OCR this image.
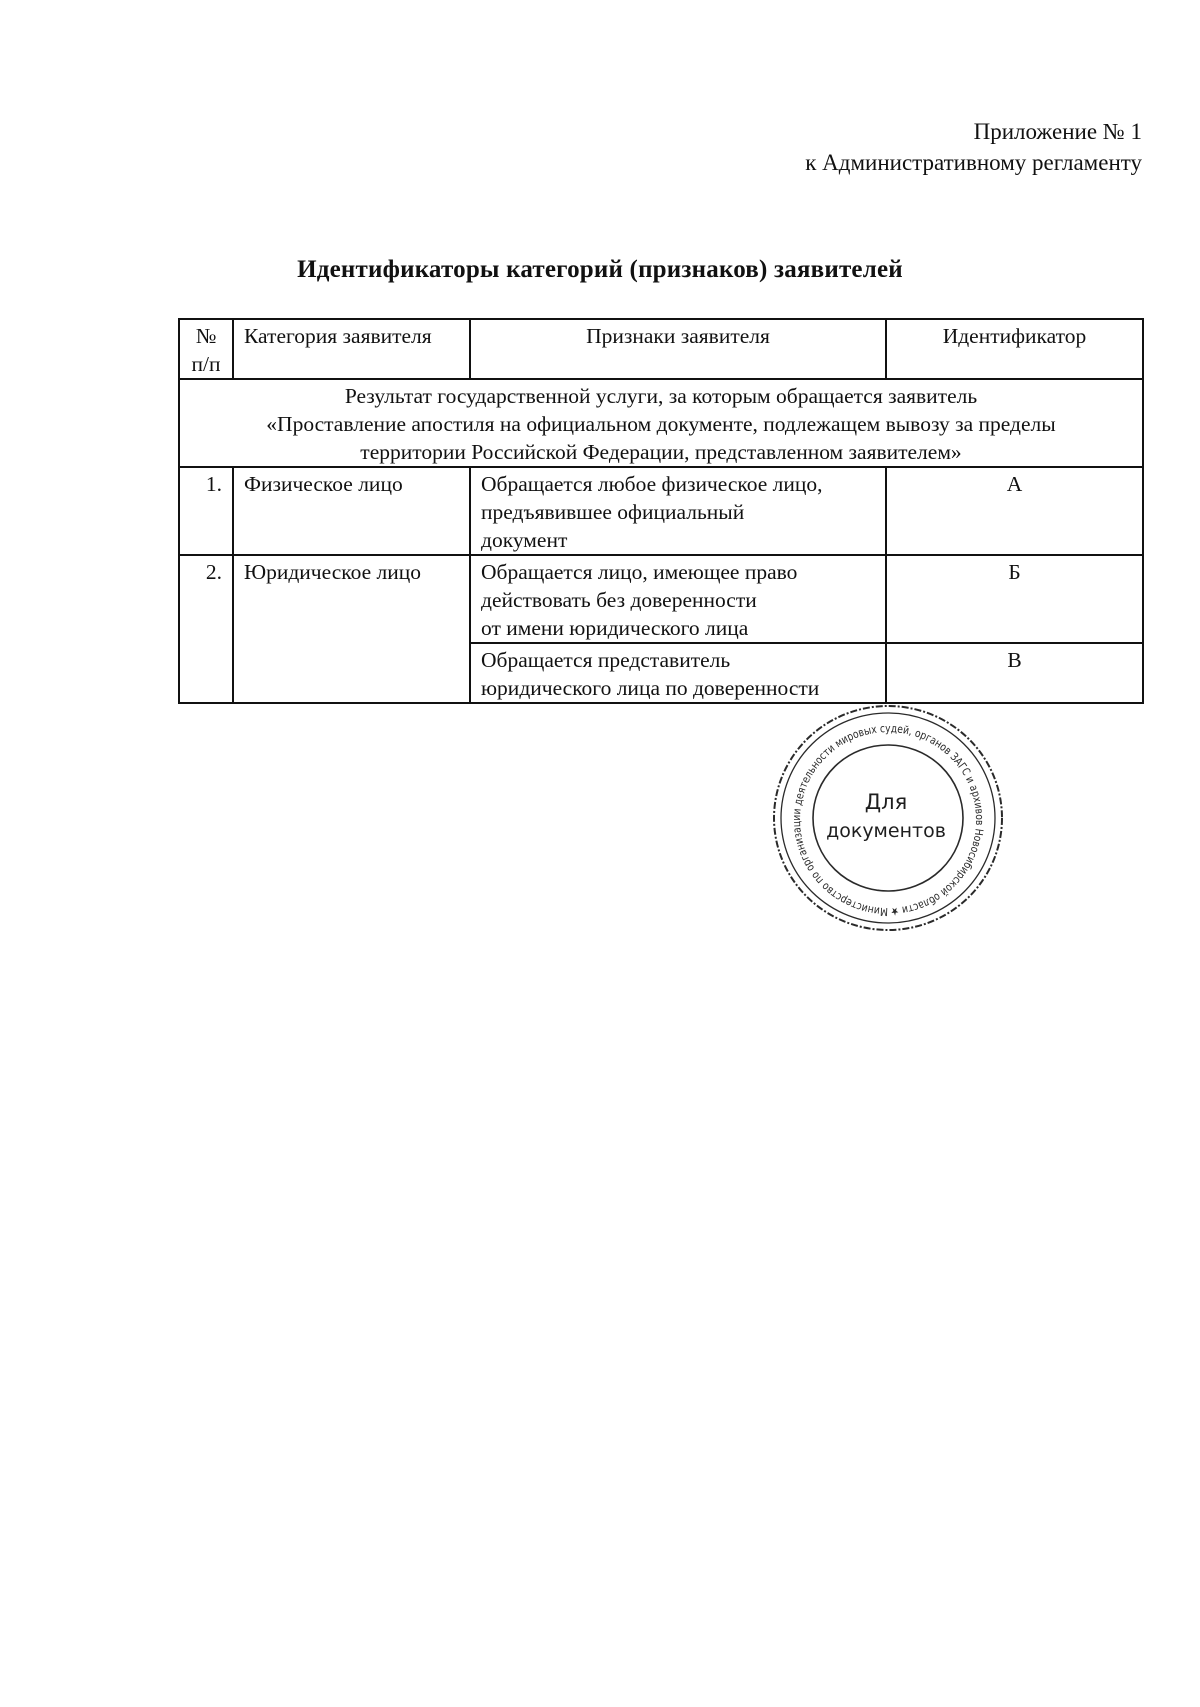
Приложение № 1
к Административному регламенту
Идентификаторы категорий (признаков) заявителей
№
п/п	Категория заявителя	Признаки заявителя	Идентификатор

Результат государственной услуги, за которым обращается заявитель
«Проставление апостиля на официальном документе, подлежащем вывозу за пределы
территории Российской Федерации, представленном заявителем»			

1.	Физическое лицо	Обращается любое физическое лицо,
предъявившее официальный
документ	А
2.	Юридическое лицо	Обращается лицо, имеющее право
действовать без доверенности
от имени юридического лица	Б

		Обращается представитель
юридического лица по доверенности	В
Министерство по организации деятельности мировых судей, органов ЗАГС и архивов Новосибирской области ★
Для
документов
